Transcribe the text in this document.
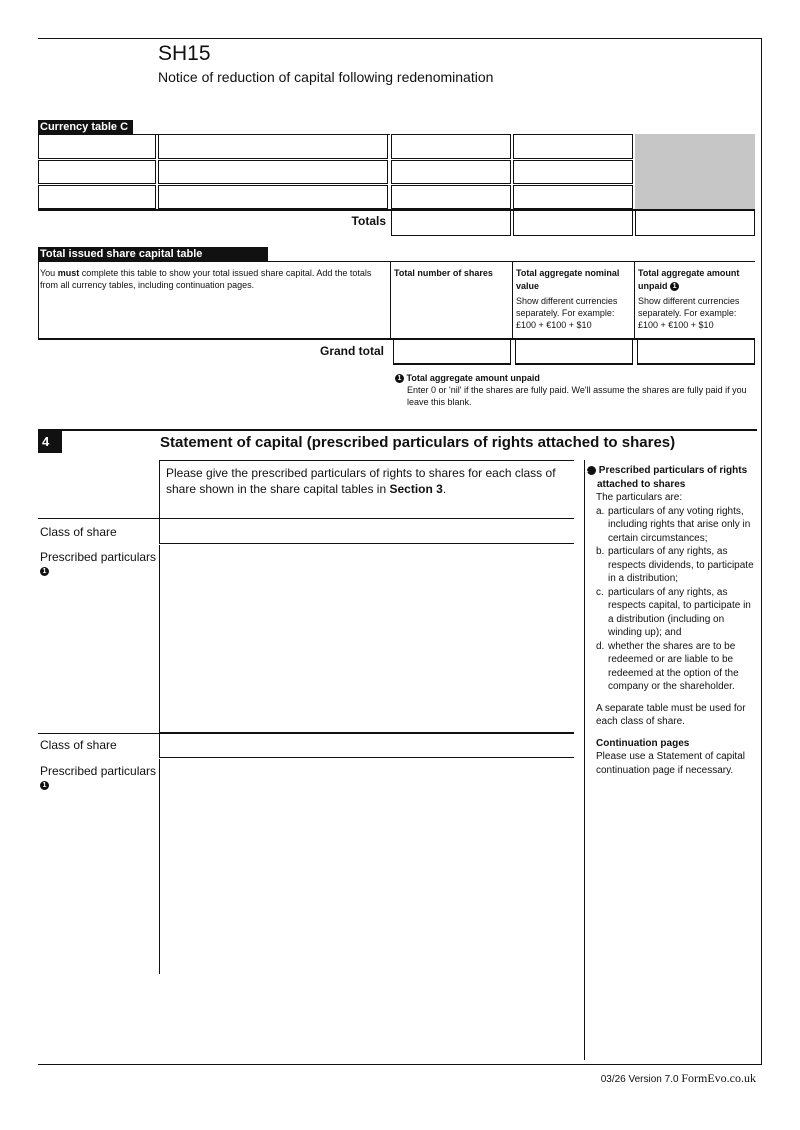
SH15
Notice of reduction of capital following redenomination
Currency table C
Totals
Total issued share capital table
You must complete this table to show your total issued share capital. Add the totals from all currency tables, including continuation pages.
Total number of shares	Total aggregate nominal value
Show different currencies separately. For example: £100 + €100 + $10
Total aggregate amount unpaid 1
Show different currencies separately. For example: £100 + €100 + $10
Grand total
1 Total aggregate amount unpaid
Enter 0 or 'nil' if the shares are fully paid. We'll assume the shares are fully paid if you leave this blank.
4	Statement of capital (prescribed particulars of rights attached to shares)
Please give the prescribed particulars of rights to shares for each class of share shown in the share capital tables in Section 3.
Class of share
Prescribed particulars
1
Class of share
Prescribed particulars
1
1 Prescribed particulars of rights attached to shares
The particulars are:
a. particulars of any voting rights, including rights that arise only in certain circumstances;
b. particulars of any rights, as respects dividends, to participate in a distribution;
c. particulars of any rights, as respects capital, to participate in a distribution (including on winding up); and
d. whether the shares are to be redeemed or are liable to be redeemed at the option of the company or the shareholder.
A separate table must be used for each class of share.
Continuation pages
Please use a Statement of capital continuation page if necessary.
03/26 Version 7.0 FormEvo.co.uk
